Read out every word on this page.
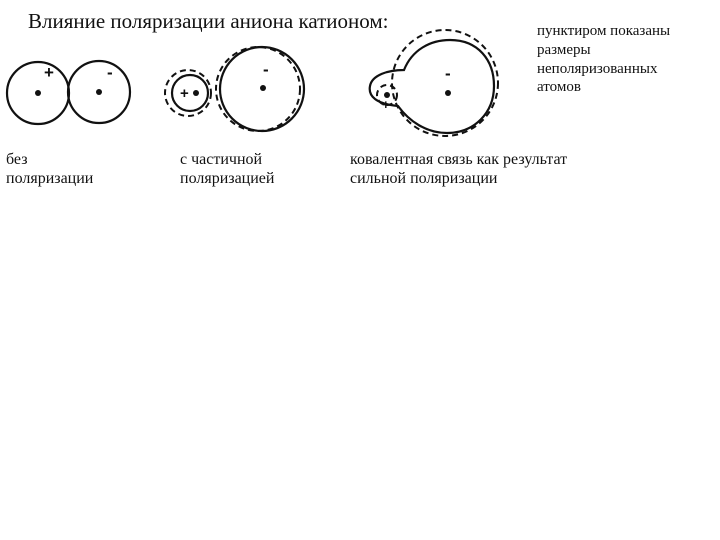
Влияние поляризации аниона катионом:	пунктиром показаны
размеры
неполяризованных
атомов
+	-
+
-
+
-
без
поляризации
с частичной
поляризацией
ковалентная связь как результат
сильной поляризации
